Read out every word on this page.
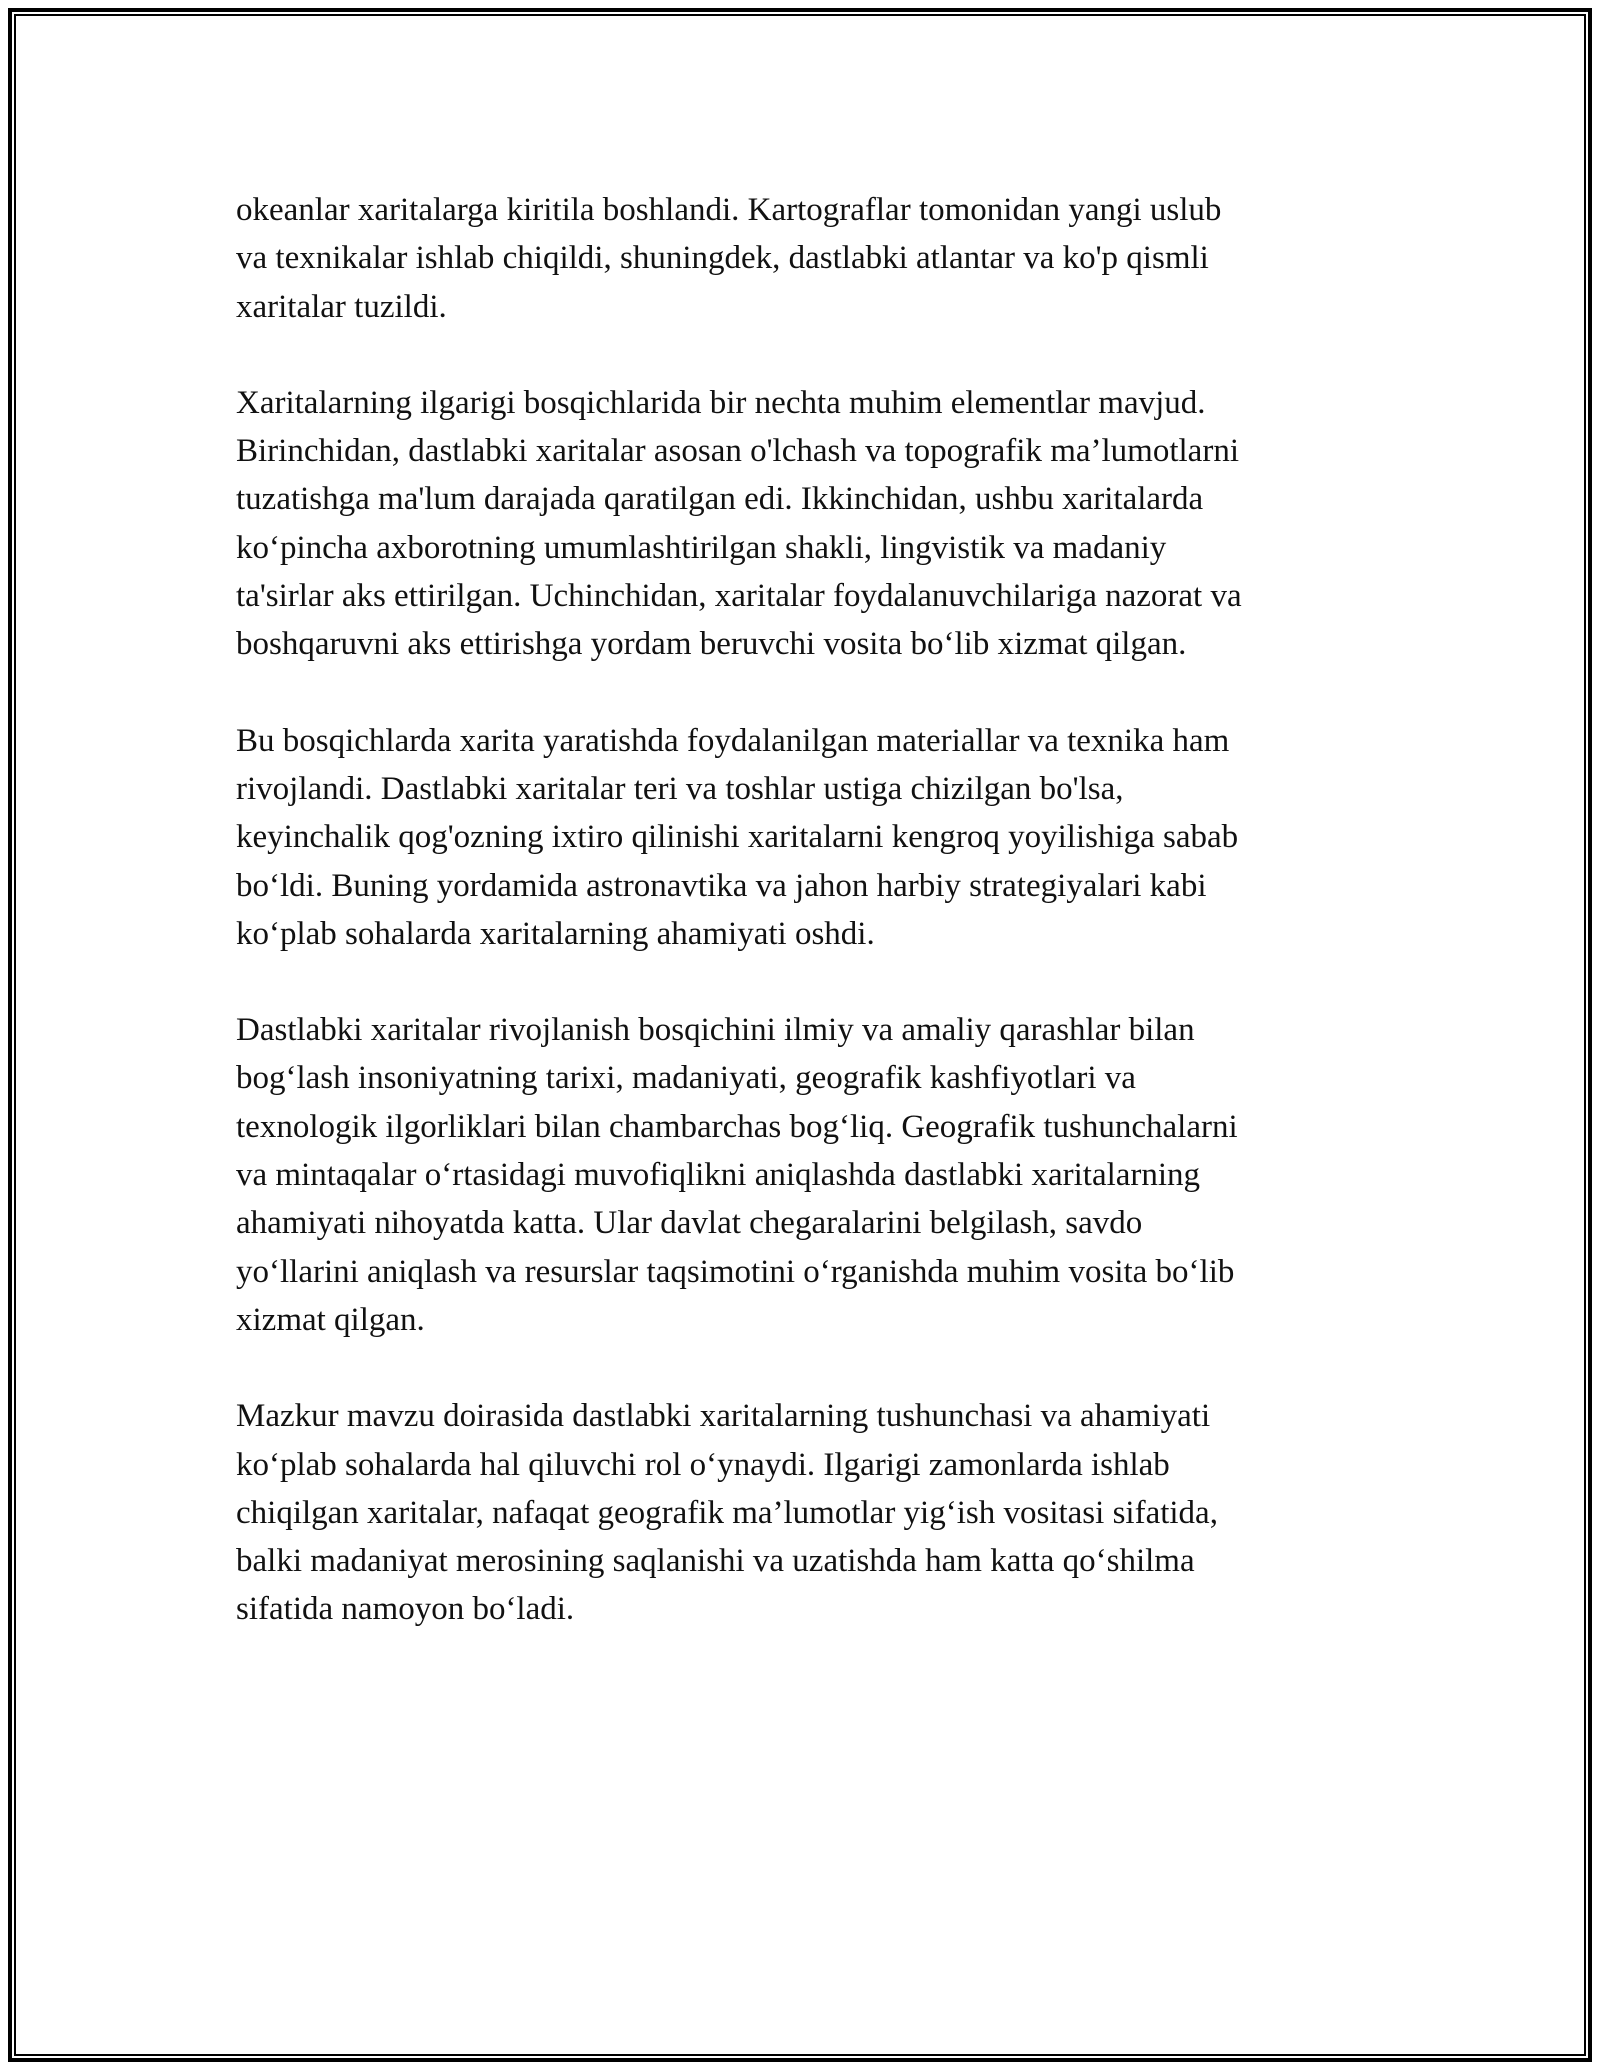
okeanlar xaritalarga kiritila boshlandi. Kartograflar tomonidan yangi uslub
va texnikalar ishlab chiqildi, shuningdek, dastlabki atlantar va ko'p qismli
xaritalar tuzildi.

Xaritalarning ilgarigi bosqichlarida bir nechta muhim elementlar mavjud.
Birinchidan, dastlabki xaritalar asosan o'lchash va topografik ma’lumotlarni
tuzatishga ma'lum darajada qaratilgan edi. Ikkinchidan, ushbu xaritalarda
ko‘pincha axborotning umumlashtirilgan shakli, lingvistik va madaniy
ta'sirlar aks ettirilgan. Uchinchidan, xaritalar foydalanuvchilariga nazorat va
boshqaruvni aks ettirishga yordam beruvchi vosita bo‘lib xizmat qilgan.

Bu bosqichlarda xarita yaratishda foydalanilgan materiallar va texnika ham
rivojlandi. Dastlabki xaritalar teri va toshlar ustiga chizilgan bo'lsa,
keyinchalik qog'ozning ixtiro qilinishi xaritalarni kengroq yoyilishiga sabab
bo‘ldi. Buning yordamida astronavtika va jahon harbiy strategiyalari kabi
ko‘plab sohalarda xaritalarning ahamiyati oshdi.

Dastlabki xaritalar rivojlanish bosqichini ilmiy va amaliy qarashlar bilan
bog‘lash insoniyatning tarixi, madaniyati, geografik kashfiyotlari va
texnologik ilgorliklari bilan chambarchas bog‘liq. Geografik tushunchalarni
va mintaqalar o‘rtasidagi muvofiqlikni aniqlashda dastlabki xaritalarning
ahamiyati nihoyatda katta. Ular davlat chegaralarini belgilash, savdo
yo‘llarini aniqlash va resurslar taqsimotini o‘rganishda muhim vosita bo‘lib
xizmat qilgan.

Mazkur mavzu doirasida dastlabki xaritalarning tushunchasi va ahamiyati
ko‘plab sohalarda hal qiluvchi rol o‘ynaydi. Ilgarigi zamonlarda ishlab
chiqilgan xaritalar, nafaqat geografik ma’lumotlar yig‘ish vositasi sifatida,
balki madaniyat merosining saqlanishi va uzatishda ham katta qo‘shilma
sifatida namoyon bo‘ladi.
